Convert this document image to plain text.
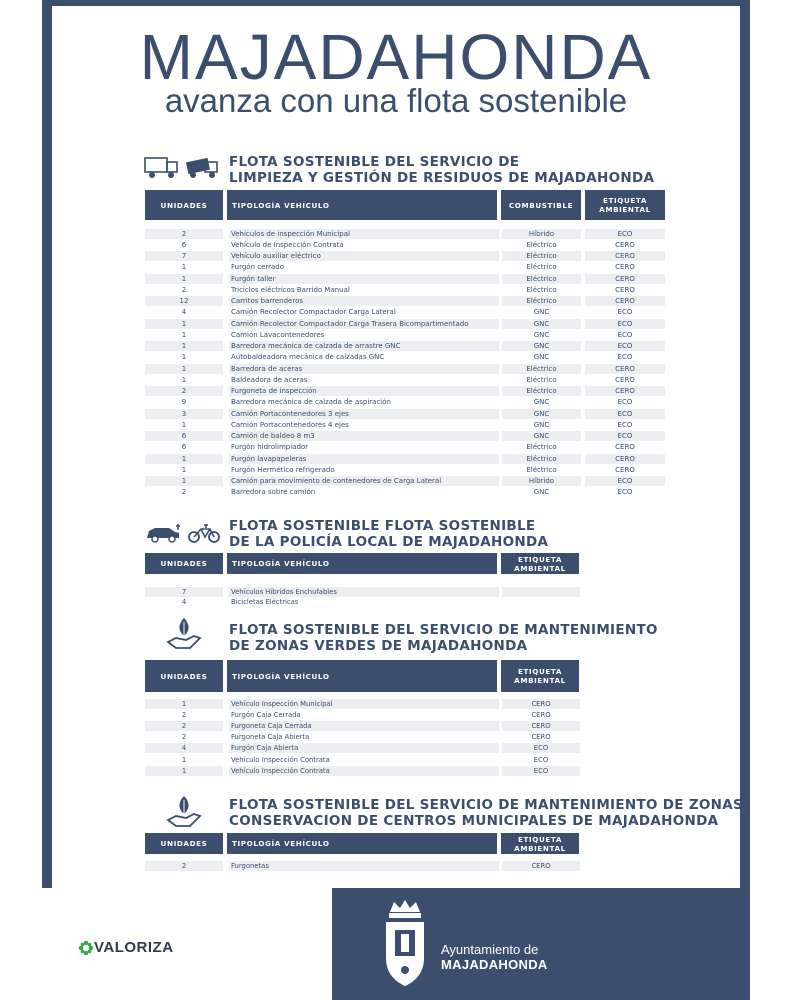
MAJADAHONDA
avanza con una flota sostenible
FLOTA SOSTENIBLE DEL SERVICIO DE
LIMPIEZA Y GESTIÓN DE RESIDUOS DE MAJADAHONDA
UNIDADES	TIPOLOGÍA VEHÍCULO	COMBUSTIBLE	ETIQUETA AMBIENTAL
2	Vehículos de inspección Municipal	Híbrido	ECO
6	Vehículo de Inspección Contrata	Eléctrico	CERO
7	Vehículo auxiliar eléctrico	Eléctrico	CERO
1	Furgón cerrado	Eléctrico	CERO
1	Furgón taller	Eléctrico	CERO
2	Triciclos eléctricos Barrido Manual	Eléctrico	CERO
12	Carritos barrenderos	Eléctrico	CERO
4	Camión Recolector Compactador Carga Lateral	GNC	ECO
1	Camión Recolector Compactador Carga Trasera Bicompartimentado	GNC	ECO
1	Camión Lavacontenedores	GNC	ECO
1	Barredora mecánica de calzada de arrastre GNC	GNC	ECO
1	Autobaldeadora mecánica de calzadas GNC	GNC	ECO
1	Barredora de aceras	Eléctrico	CERO
1	Baldeadora de aceras	Eléctrico	CERO
2	Furgoneta de inspección	Eléctrico	CERO
9	Barredora mecánica de calzada de aspiración	GNC	ECO
3	Camión Portacontenedores 3 ejes	GNC	ECO
1	Camión Portacontenedores 4 ejes	GNC	ECO
6	Camión de baldeo 8 m3	GNC	ECO
6	Furgón hidrolimpiador	Eléctrico	CERO
1	Furgón lavapapeleras	Eléctrico	CERO
1	Furgón Hermético refrigerado	Eléctrico	CERO
1	Camión para movimiento de contenedores de Carga Lateral	Híbrido	ECO
2	Barredora sobre camión	GNC	ECO
FLOTA SOSTENIBLE FLOTA SOSTENIBLE
DE LA POLICÍA LOCAL DE MAJADAHONDA
UNIDADES	TIPOLOGÍA VEHÍCULO	ETIQUETA AMBIENTAL
7	Vehículos Híbridos Enchufables
4	Bicicletas Eléctricas
FLOTA SOSTENIBLE DEL SERVICIO DE MANTENIMIENTO
DE ZONAS VERDES DE MAJADAHONDA
UNIDADES	TIPOLOGÍA VEHÍCULO	ETIQUETA AMBIENTAL
1	Vehículo Inspección Municipal	CERO
2	Furgón Caja Cerrada	CERO
2	Furgoneta Caja Cerrada	CERO
2	Furgoneta Caja Abierta	CERO
4	Furgón Caja Abierta	ECO
1	Vehículo Inspección Contrata	ECO
1	Vehículo Inspección Contrata	ECO
FLOTA SOSTENIBLE DEL SERVICIO DE MANTENIMIENTO DE ZONAS
CONSERVACION DE CENTROS MUNICIPALES DE MAJADAHONDA
UNIDADES	TIPOLOGÍA VEHÍCULO	ETIQUETA AMBIENTAL
2	Furgonetas	CERO
VALORIZA	Ayuntamiento de
MAJADAHONDA
